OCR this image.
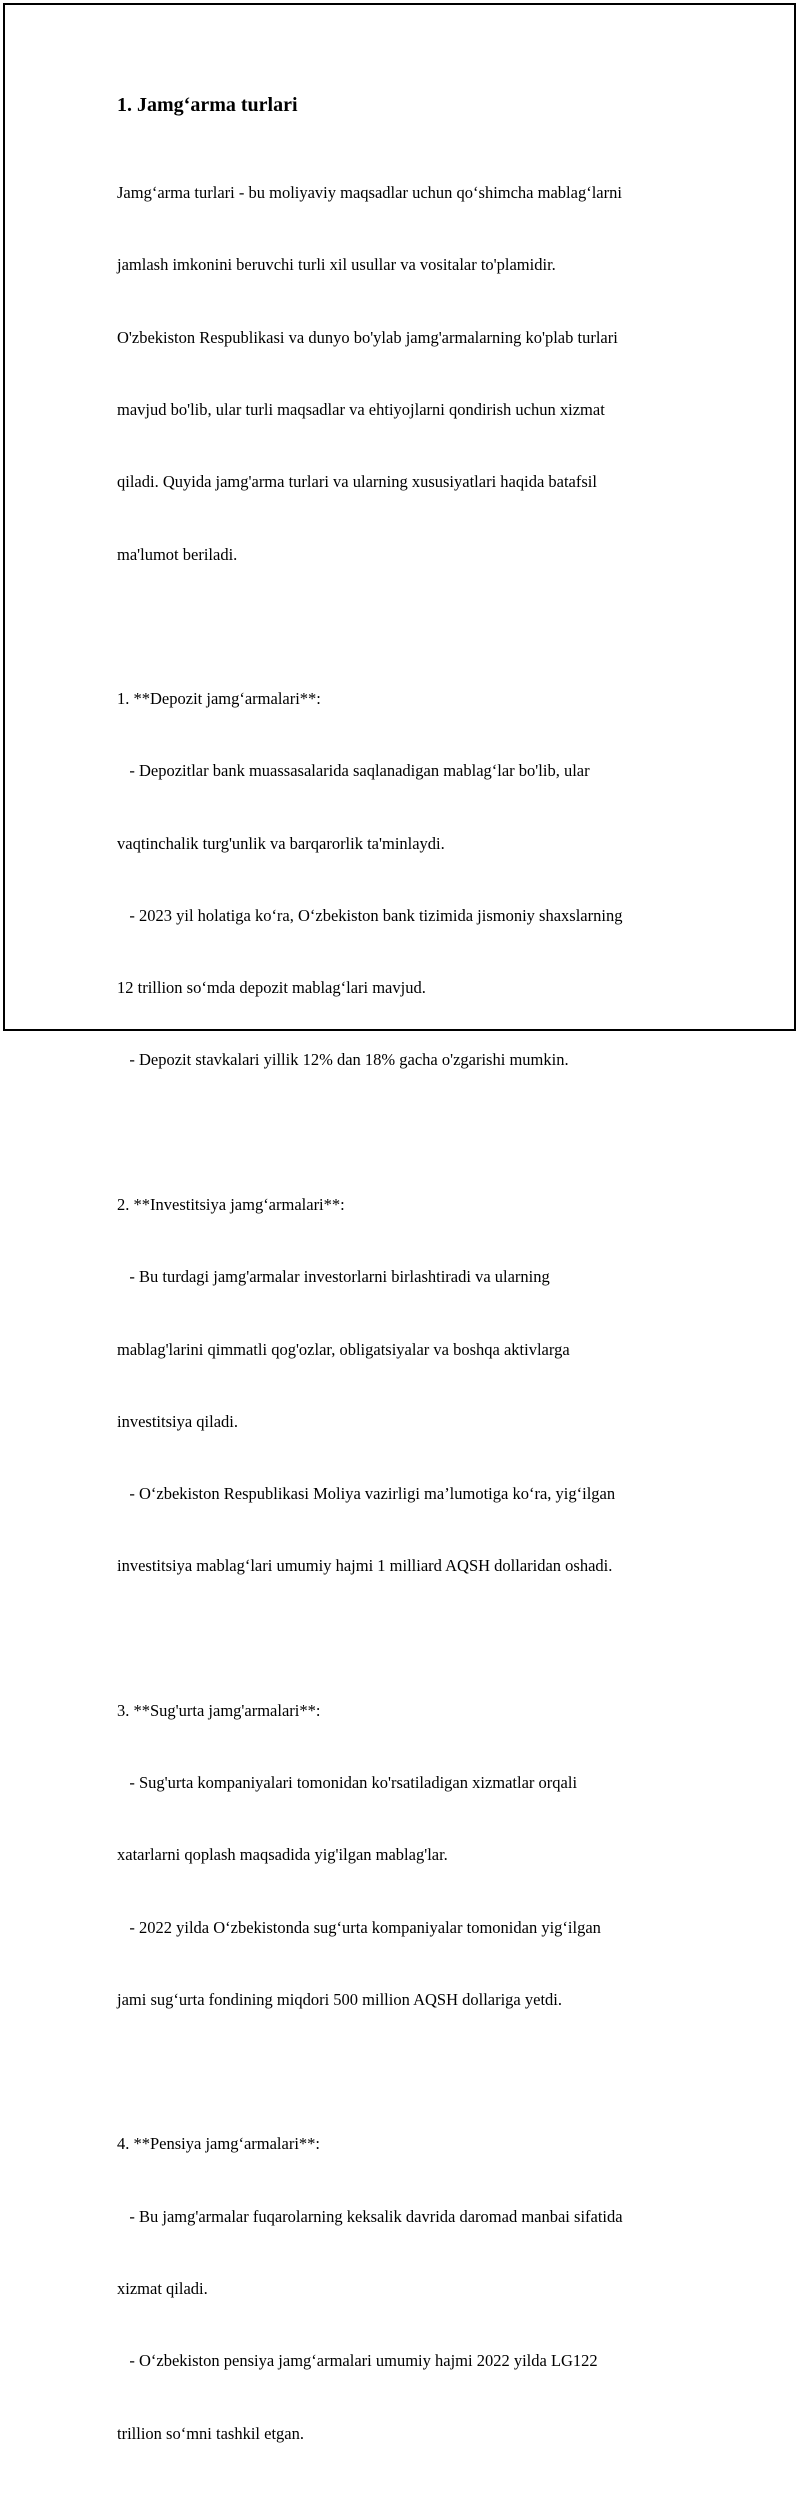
1. Jamg‘arma turlari

Jamg‘arma turlari - bu moliyaviy maqsadlar uchun qo‘shimcha mablag‘larni

jamlash imkonini beruvchi turli xil usullar va vositalar to'plamidir.

O'zbekiston Respublikasi va dunyo bo'ylab jamg'armalarning ko'plab turlari

mavjud bo'lib, ular turli maqsadlar va ehtiyojlarni qondirish uchun xizmat

qiladi. Quyida jamg'arma turlari va ularning xususiyatlari haqida batafsil

ma'lumot beriladi.

1. **Depozit jamg‘armalari**:

- Depozitlar bank muassasalarida saqlanadigan mablag‘lar bo'lib, ular

vaqtinchalik turg'unlik va barqarorlik ta'minlaydi.

- 2023 yil holatiga ko‘ra, O‘zbekiston bank tizimida jismoniy shaxslarning

12 trillion so‘mda depozit mablag‘lari mavjud.

- Depozit stavkalari yillik 12% dan 18% gacha o'zgarishi mumkin.

2. **Investitsiya jamg‘armalari**:

- Bu turdagi jamg'armalar investorlarni birlashtiradi va ularning

mablag'larini qimmatli qog'ozlar, obligatsiyalar va boshqa aktivlarga

investitsiya qiladi.

- O‘zbekiston Respublikasi Moliya vazirligi ma’lumotiga ko‘ra, yig‘ilgan

investitsiya mablag‘lari umumiy hajmi 1 milliard AQSH dollaridan oshadi.

3. **Sug'urta jamg'armalari**:

- Sug'urta kompaniyalari tomonidan ko'rsatiladigan xizmatlar orqali

xatarlarni qoplash maqsadida yig'ilgan mablag'lar.

- 2022 yilda O‘zbekistonda sug‘urta kompaniyalar tomonidan yig‘ilgan

jami sug‘urta fondining miqdori 500 million AQSH dollariga yetdi.

4. **Pensiya jamg‘armalari**:

- Bu jamg'armalar fuqarolarning keksalik davrida daromad manbai sifatida

xizmat qiladi.

- O‘zbekiston pensiya jamg‘armalari umumiy hajmi 2022 yilda LG122

trillion so‘mni tashkil etgan.
